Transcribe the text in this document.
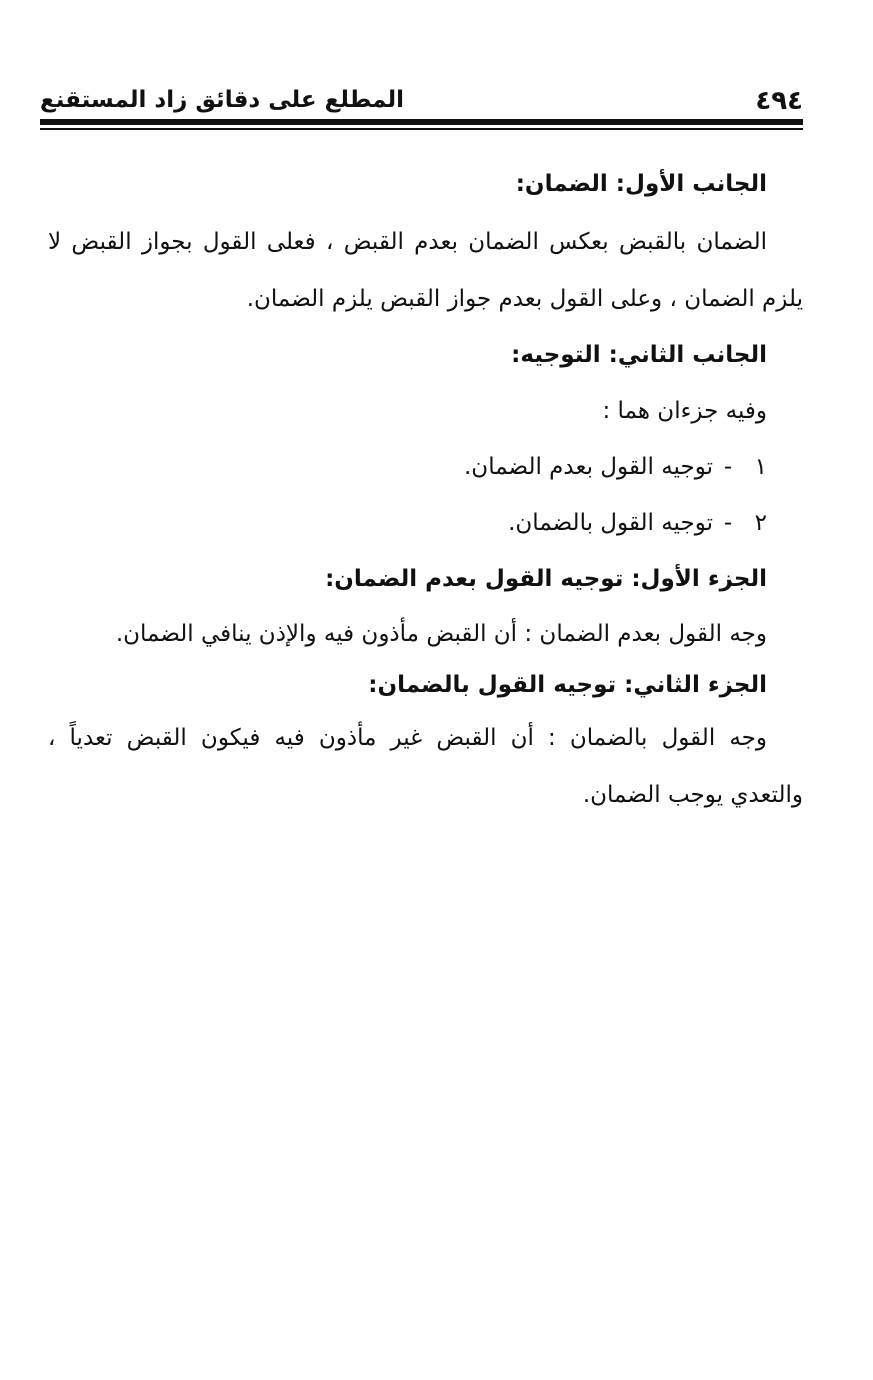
٤٩٤
المطلع على دقائق زاد المستقنع
الجانب الأول: الضمان:
الضمان بالقبض بعكس الضمان بعدم القبض ، فعلى القول بجواز القبض لا
يلزم الضمان ، وعلى القول بعدم جواز القبض يلزم الضمان.
الجانب الثاني: التوجيه:
وفيه جزءان هما :
١-توجيه القول بعدم الضمان.
٢-توجيه القول بالضمان.
الجزء الأول: توجيه القول بعدم الضمان:
وجه القول بعدم الضمان : أن القبض مأذون فيه والإذن ينافي الضمان.
الجزء الثاني: توجيه القول بالضمان:
وجه القول بالضمان : أن القبض غير مأذون فيه فيكون القبض تعدياً ،
والتعدي يوجب الضمان.
